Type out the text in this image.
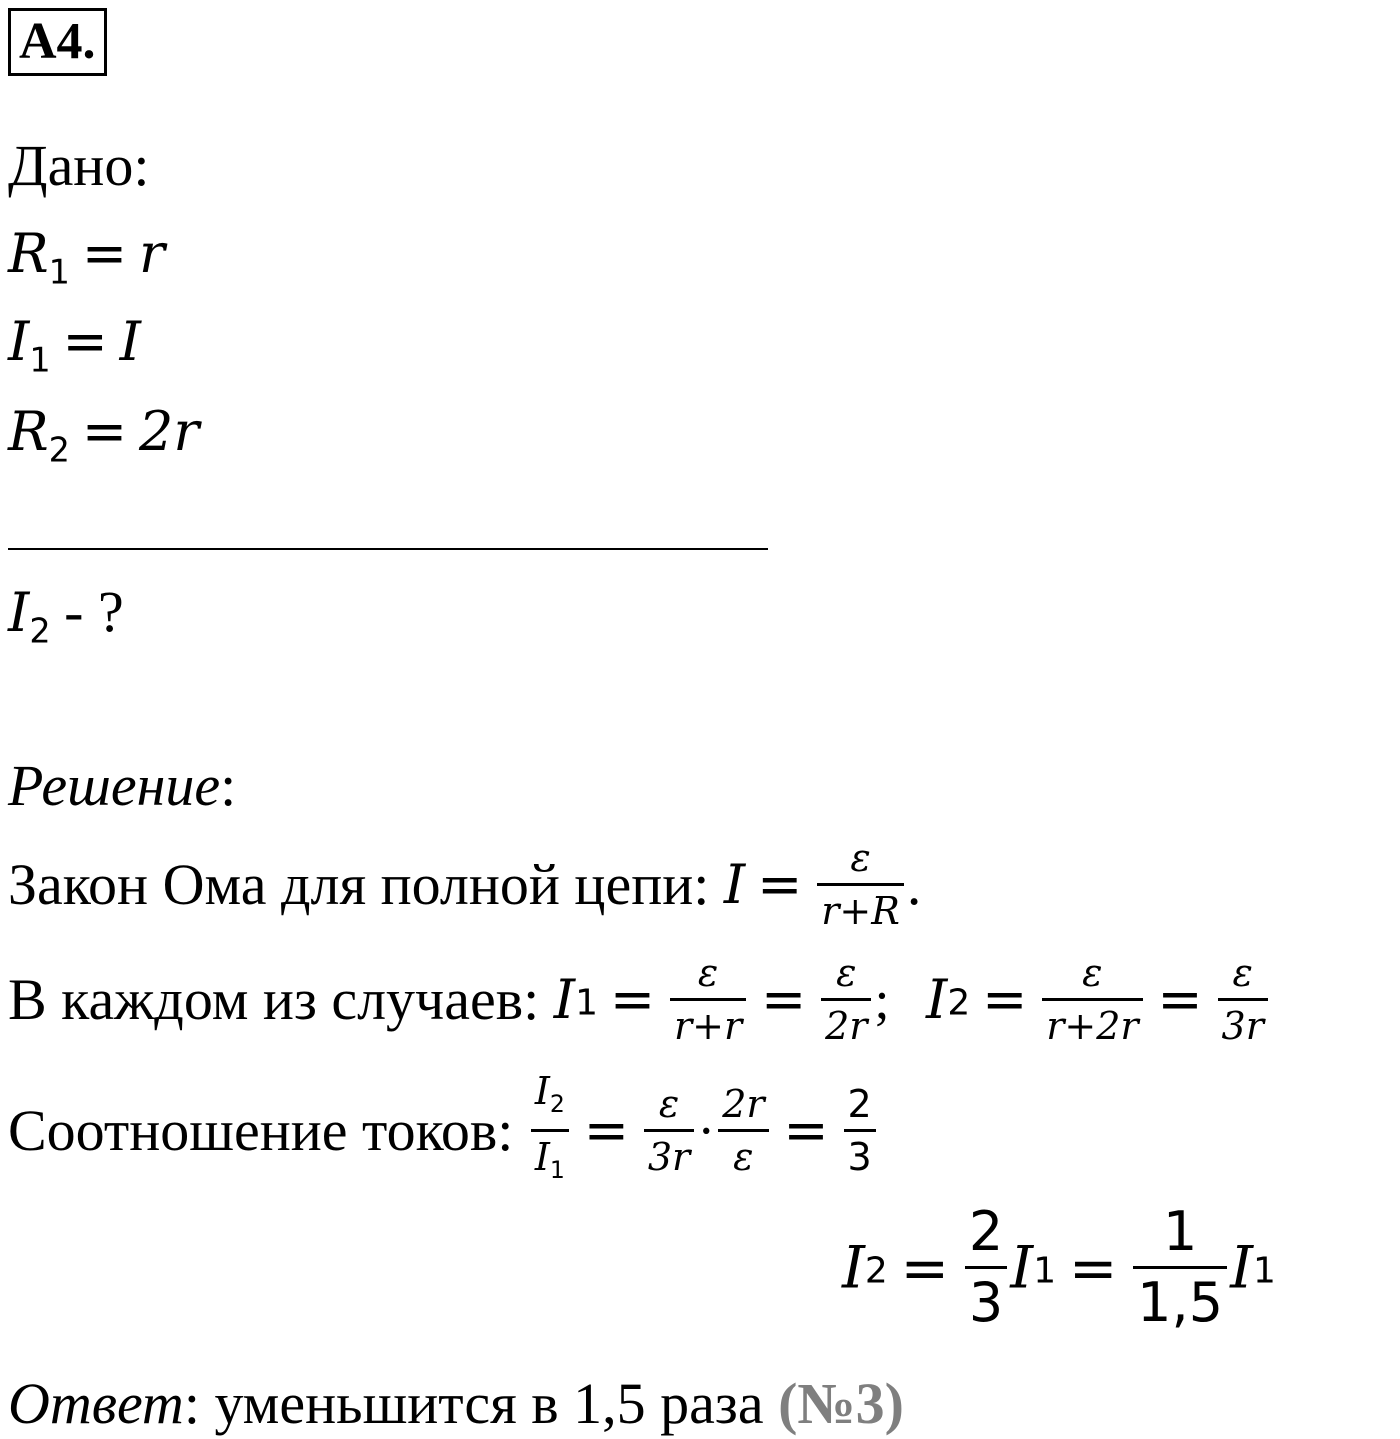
А4.
Дано:
$R_1 = r$
$I_1 = I$
$R_2 = 2r$
$I_2$ - ?
Решение:
Закон Ома для полной цепи: $I = \frac{\varepsilon}{r+R}$ .
В каждом из случаев: $I1 = \frac{\varepsilon}{r+r} = \frac{\varepsilon}{2r}$ ; $I2 = \frac{\varepsilon}{r+2r} = \frac{\varepsilon}{3r}$
Соотношение токов: $\frac{I_2}{I_1} = \frac{\varepsilon}{3r} \cdot \frac{2r}{\varepsilon} = \frac{2}{3}$
$I2 = \frac{2}{3} I1 = \frac{1}{1,5} I1$
Ответ: уменьшится в 1,5 раза (№3)
